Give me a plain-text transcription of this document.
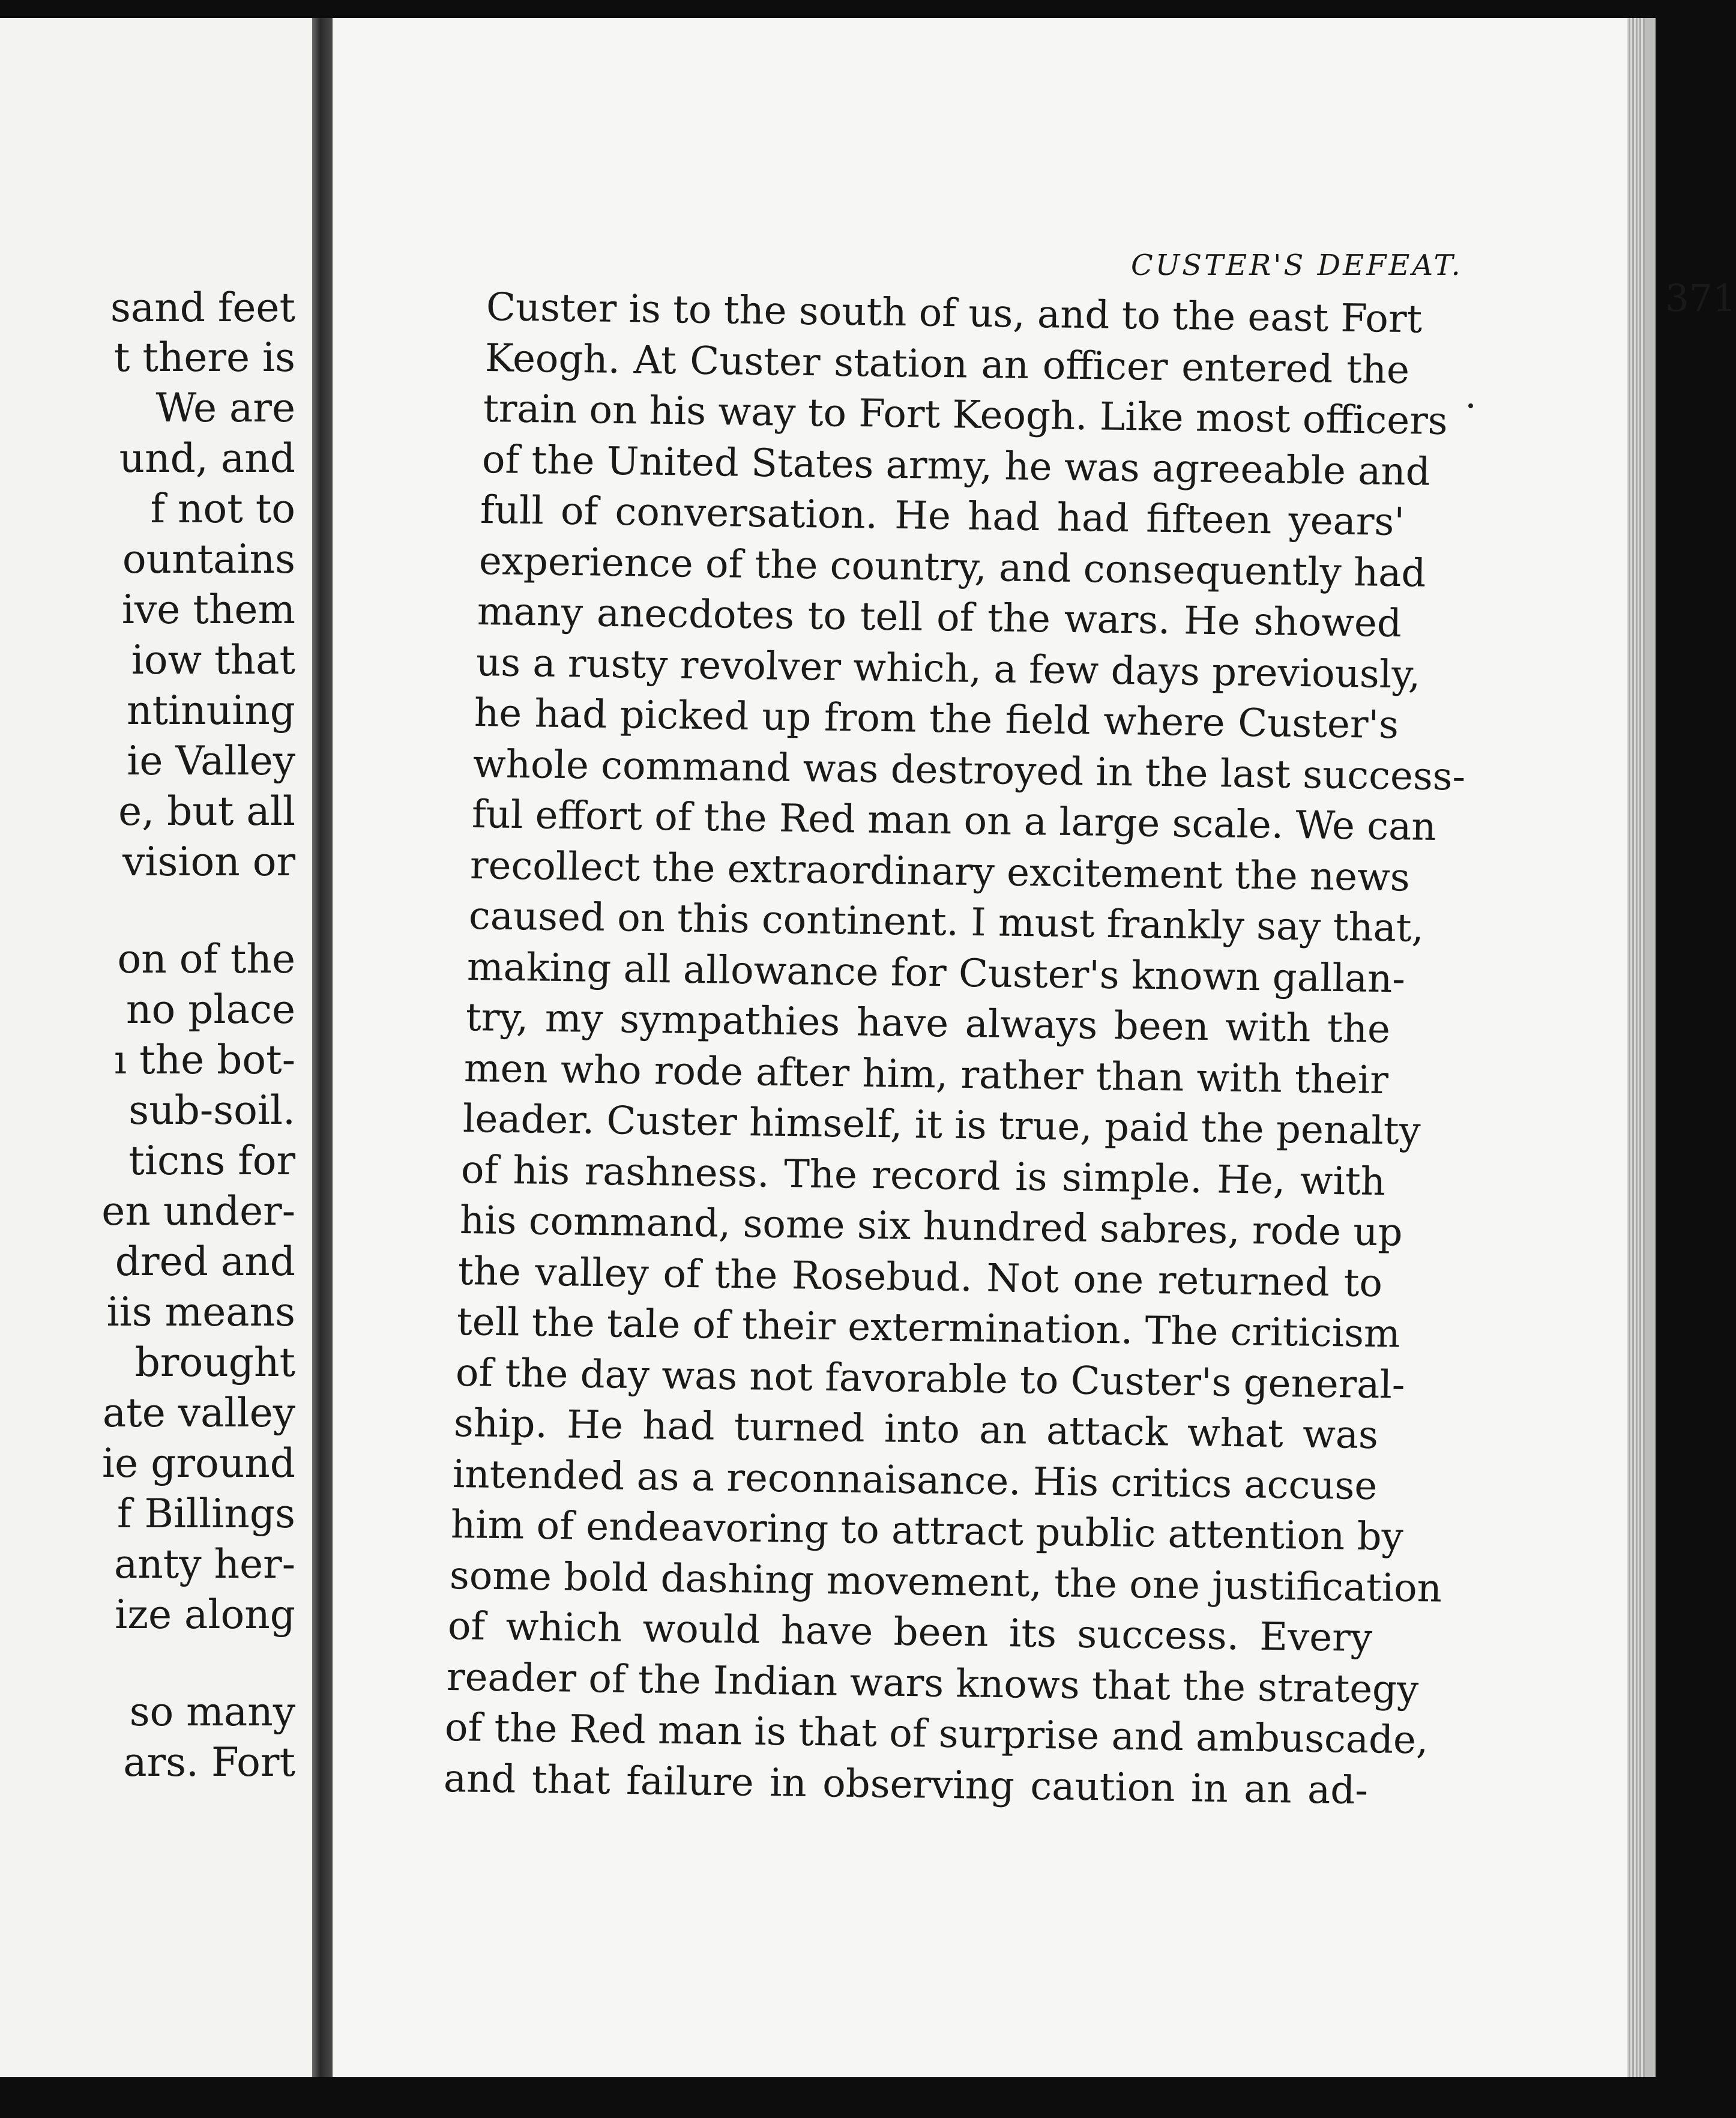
sand feet

t there is

We are

und, and

f not to

ountains

ive them

iow that

ntinuing

ie Valley

e, but all

vision or

on of the

no place

ı the bot-

sub-soil.

ticns for

en under-

dred and

iis means

brought

ate valley

ie ground

f Billings

anty her-

ize along

so many

ars. Fort

CUSTER'S DEFEAT.

371

Custer is to the south of us, and to the east Fort

Keogh. At Custer station an officer entered the

train on his way to Fort Keogh. Like most officers

of the United States army, he was agreeable and

full of conversation. He had had fifteen years'

experience of the country, and consequently had

many anecdotes to tell of the wars. He showed

us a rusty revolver which, a few days previously,

he had picked up from the field where Custer's

whole command was destroyed in the last success-

ful effort of the Red man on a large scale. We can

recollect the extraordinary excitement the news

caused on this continent. I must frankly say that,

making all allowance for Custer's known gallan-

try, my sympathies have always been with the

men who rode after him, rather than with their

leader. Custer himself, it is true, paid the penalty

of his rashness. The record is simple. He, with

his command, some six hundred sabres, rode up

the valley of the Rosebud. Not one returned to

tell the tale of their extermination. The criticism

of the day was not favorable to Custer's general-

ship. He had turned into an attack what was

intended as a reconnaisance. His critics accuse

him of endeavoring to attract public attention by

some bold dashing movement, the one justification

of which would have been its success. Every

reader of the Indian wars knows that the strategy

of the Red man is that of surprise and ambuscade,

and that failure in observing caution in an ad-
